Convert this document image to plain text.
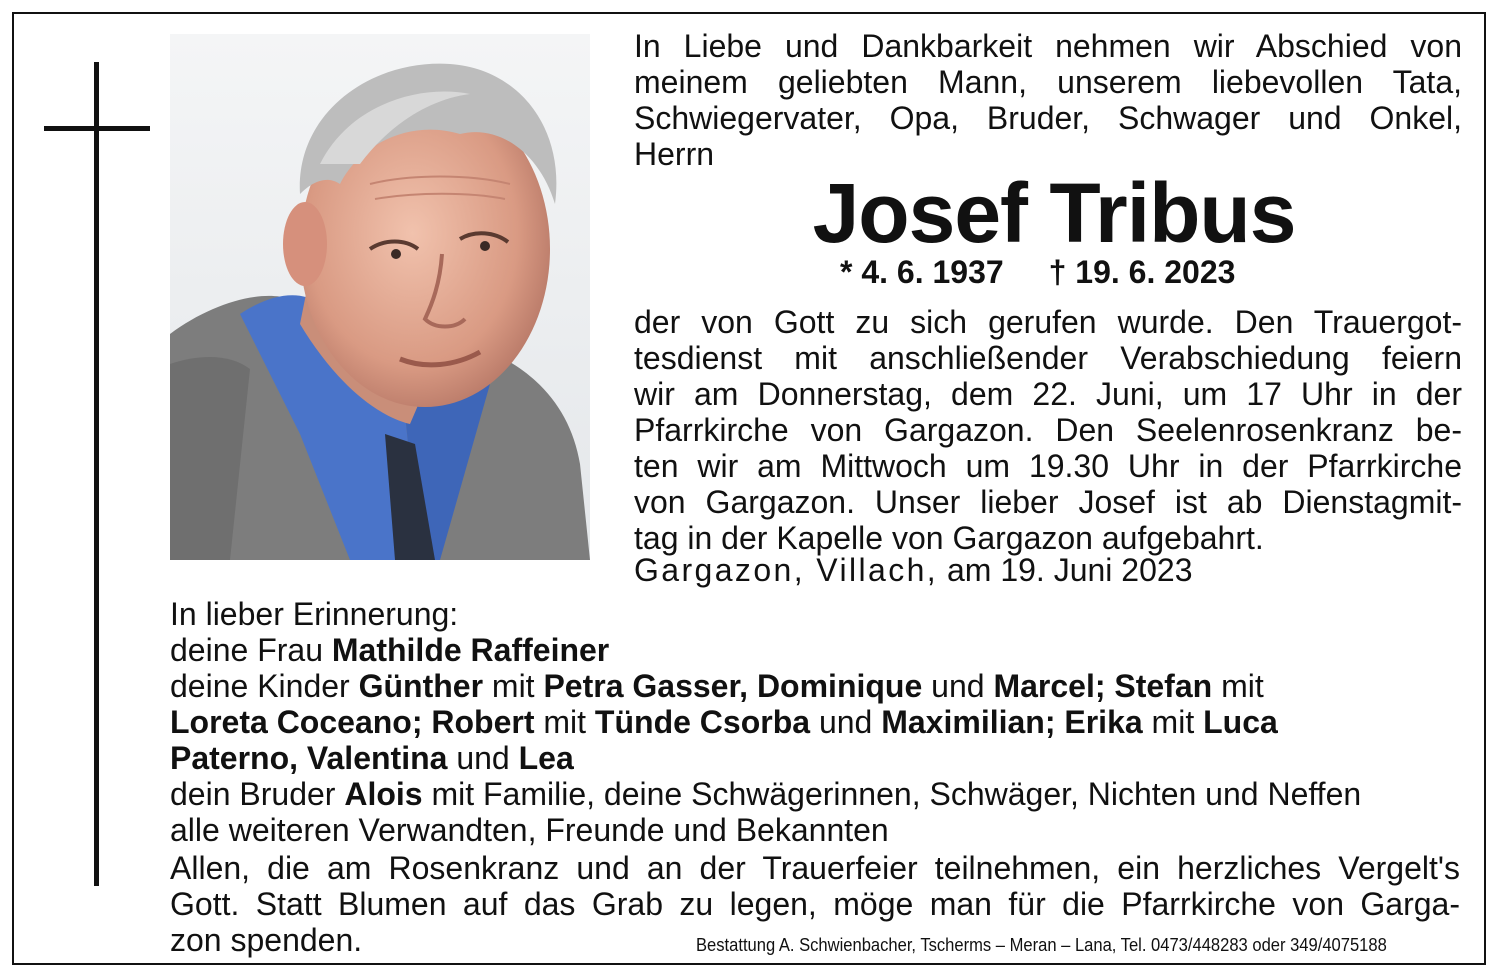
In Liebe und Dankbarkeit nehmen wir Abschied von
meinem geliebten Mann, unserem liebevollen Tata,
Schwiegervater, Opa, Bruder, Schwager und Onkel,
Herrn
Josef Tribus
* 4. 6. 1937 † 19. 6. 2023
der von Gott zu sich gerufen wurde. Den Trauergot-
tesdienst mit anschließender Verabschiedung feiern
wir am Donnerstag, dem 22. Juni, um 17 Uhr in der
Pfarrkirche von Gargazon. Den Seelenrosenkranz be-
ten wir am Mittwoch um 19.30 Uhr in der Pfarrkirche
von Gargazon. Unser lieber Josef ist ab Dienstagmit-
tag in der Kapelle von Gargazon aufgebahrt.
Gargazon, Villach, am 19. Juni 2023
In lieber Erinnerung:
deine Frau Mathilde Raffeiner
deine Kinder Günther mit Petra Gasser, Dominique und Marcel; Stefan mit
Loreta Coceano; Robert mit Tünde Csorba und Maximilian; Erika mit Luca
Paterno, Valentina und Lea
dein Bruder Alois mit Familie, deine Schwägerinnen, Schwäger, Nichten und Neffen
alle weiteren Verwandten, Freunde und Bekannten
Allen, die am Rosenkranz und an der Trauerfeier teilnehmen, ein herzliches Vergelt's
Gott. Statt Blumen auf das Grab zu legen, möge man für die Pfarrkirche von Garga-
zon spenden.	Bestattung A. Schwienbacher, Tscherms – Meran – Lana, Tel. 0473/448283 oder 349/4075188
